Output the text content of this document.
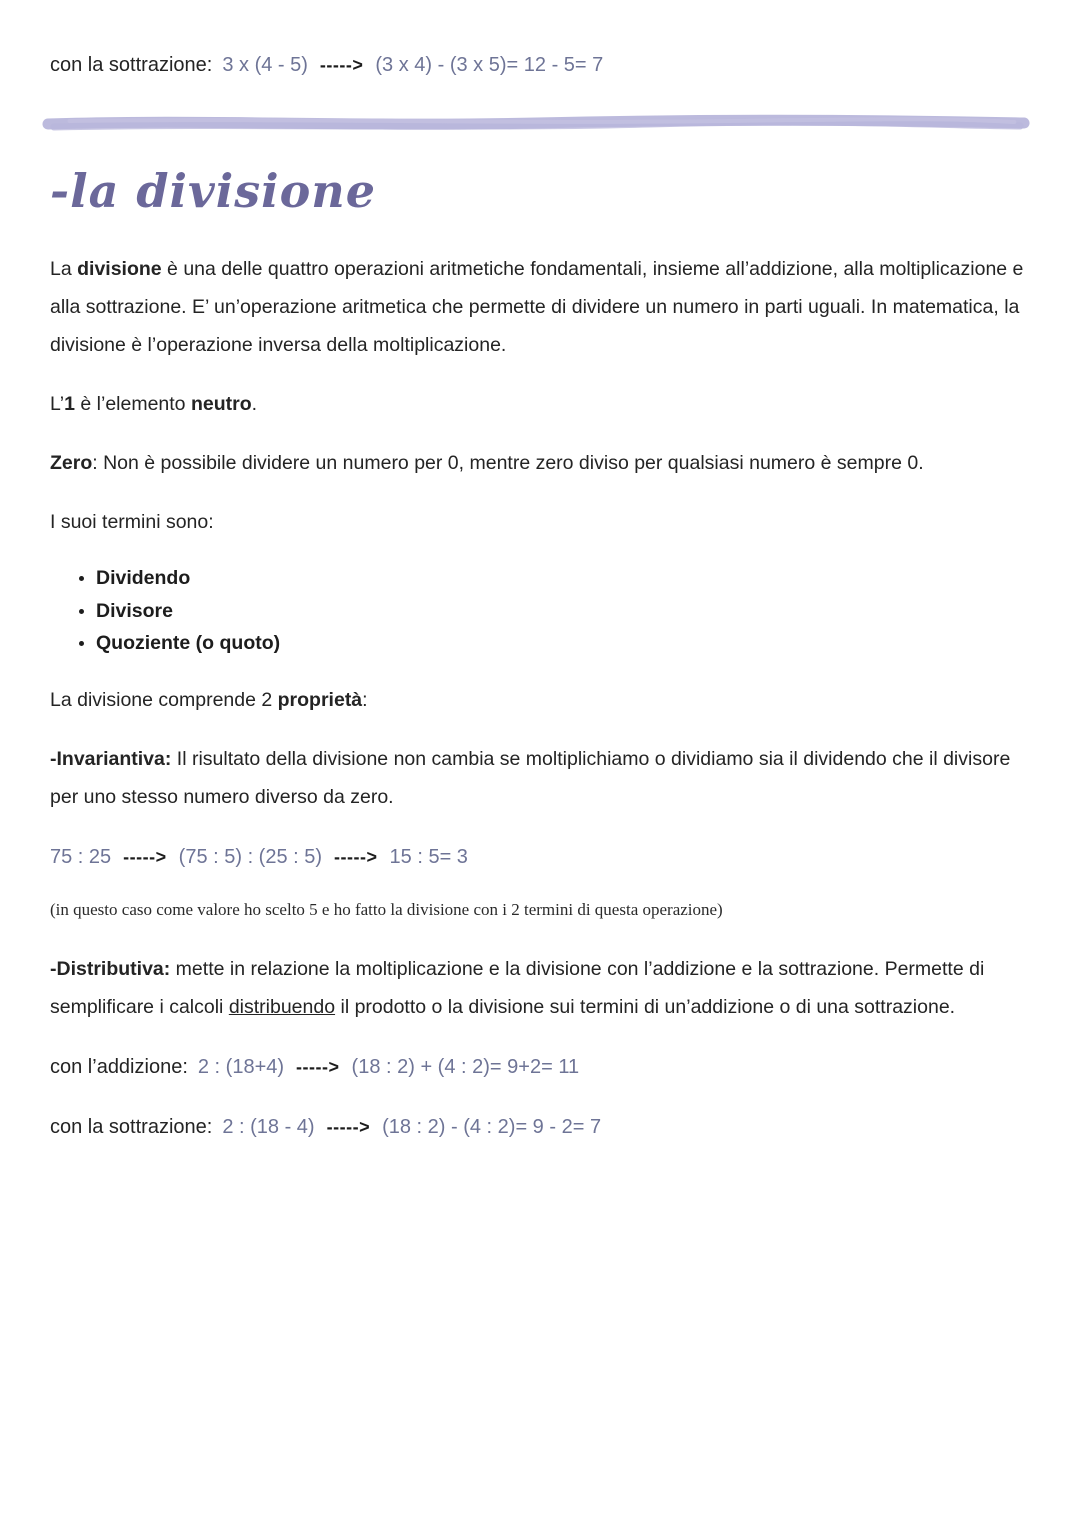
con la sottrazione: 3 x (4 - 5) -----> (3 x 4) - (3 x 5)= 12 - 5= 7
-la divisione

La divisione è una delle quattro operazioni aritmetiche fondamentali, insieme all’addizione, alla moltiplicazione e alla sottrazione. E’ un’operazione aritmetica che permette di dividere un numero in parti uguali. In matematica, la divisione è l’operazione inversa della moltiplicazione.

L’1 è l’elemento neutro.

Zero: Non è possibile dividere un numero per 0, mentre zero diviso per qualsiasi numero è sempre 0.

I suoi termini sono:

• Dividendo
• Divisore
• Quoziente (o quoto)

La divisione comprende 2 proprietà:

-Invariantiva: Il risultato della divisione non cambia se moltiplichiamo o dividiamo sia il dividendo che il divisore per uno stesso numero diverso da zero.

75 : 25 -----> (75 : 5) : (25 : 5) -----> 15 : 5= 3

(in questo caso come valore ho scelto 5 e ho fatto la divisione con i 2 termini di questa operazione)

-Distributiva: mette in relazione la moltiplicazione e la divisione con l’addizione e la sottrazione. Permette di semplificare i calcoli distribuendo il prodotto o la divisione sui termini di un’addizione o di una sottrazione.

con l’addizione: 2 : (18+4) -----> (18 : 2) + (4 : 2)= 9+2= 11
con la sottrazione: 2 : (18 - 4) -----> (18 : 2) - (4 : 2)= 9 - 2= 7
